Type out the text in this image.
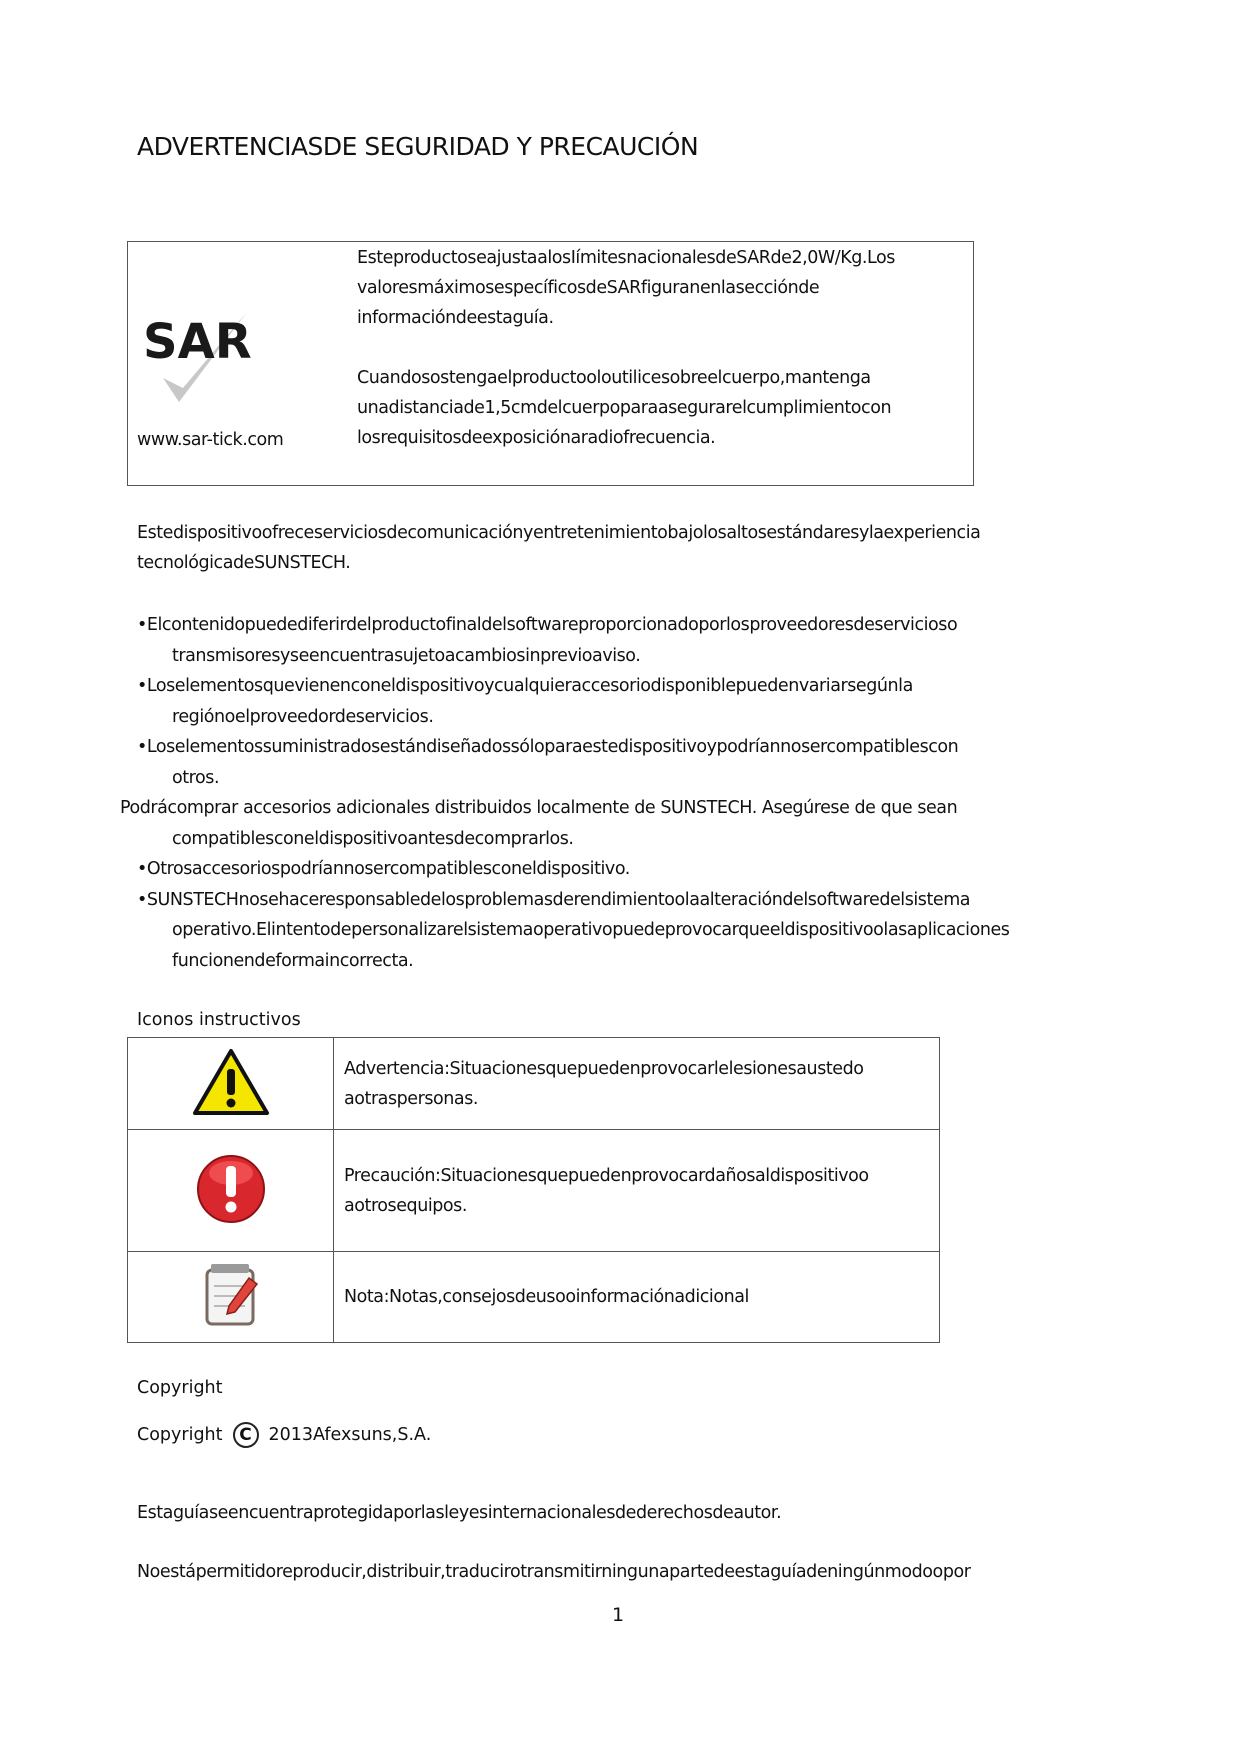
ADVERTENCIASDE SEGURIDAD Y PRECAUCIÓN
SAR
www.sar-tick.com
EsteproductoseajustaalosIímitesnacionalesdeSARde2,0W/Kg.Los
valoresmáximosespecíficosdeSARfiguranenlasecciónde
informacióndeestaguía.
Cuandosostengaelproductooloutilicesobreelcuerpo,mantenga
unadistanciade1,5cmdelcuerpoparaasegurarelcumplimientocon
losrequisitosdeexposiciónaradiofrecuencia.
Estedispositivoofreceserviciosdecomunicaciónyentretenimientobajolosaltosestándaresylaexperiencia
tecnológicadeSUNSTECH.
•Elcontenidopuedediferirdelproductofinaldelsoftwareproporcionadoporlosproveedoresdeservicioso
transmisoresyseencuentrasujetoacambiosinprevioaviso.
•Loselementosquevienenconeldispositivoycualquieraccesoriodisponiblepuedenvariarsegúnla
regiónoelproveedordeservicios.
•Loselementossuministradosestándiseñadossóloparaestedispositivoypodríannosercompatiblescon
otros.
compatiblesconeldispositivoantesdecomprarlos.
•Otrosaccesoriospodríannosercompatiblesconeldispositivo.
•SUNSTECHnosehaceresponsabledelosproblemasderendimientoolaalteracióndelsoftwaredelsistema
operativo.Elintentodepersonalizarelsistemaoperativopuedeprovocarqueeldispositivoolasaplicaciones
funcionendeformaincorrecta.
Podrácomprar accesorios adicionales distribuidos localmente de SUNSTECH. Asegúrese de que sean
Iconos instructivos

Advertencia:Situacionesquepuedenprovocarlelesionesaustedo
aotraspersonas.

Precaución:Situacionesquepuedenprovocardañosaldispositivoo
aotrosequipos.

Nota:Notas,consejosdeusooinformaciónadicional
Copyright
Copyright C 2013Afexsuns,S.A.
Estaguíaseencuentraprotegidaporlasleyesinternacionalesdederechosdeautor.
Noestápermitidoreproducir,distribuir,traducirotransmitirningunapartedeestaguíadeningúnmodoopor
1
